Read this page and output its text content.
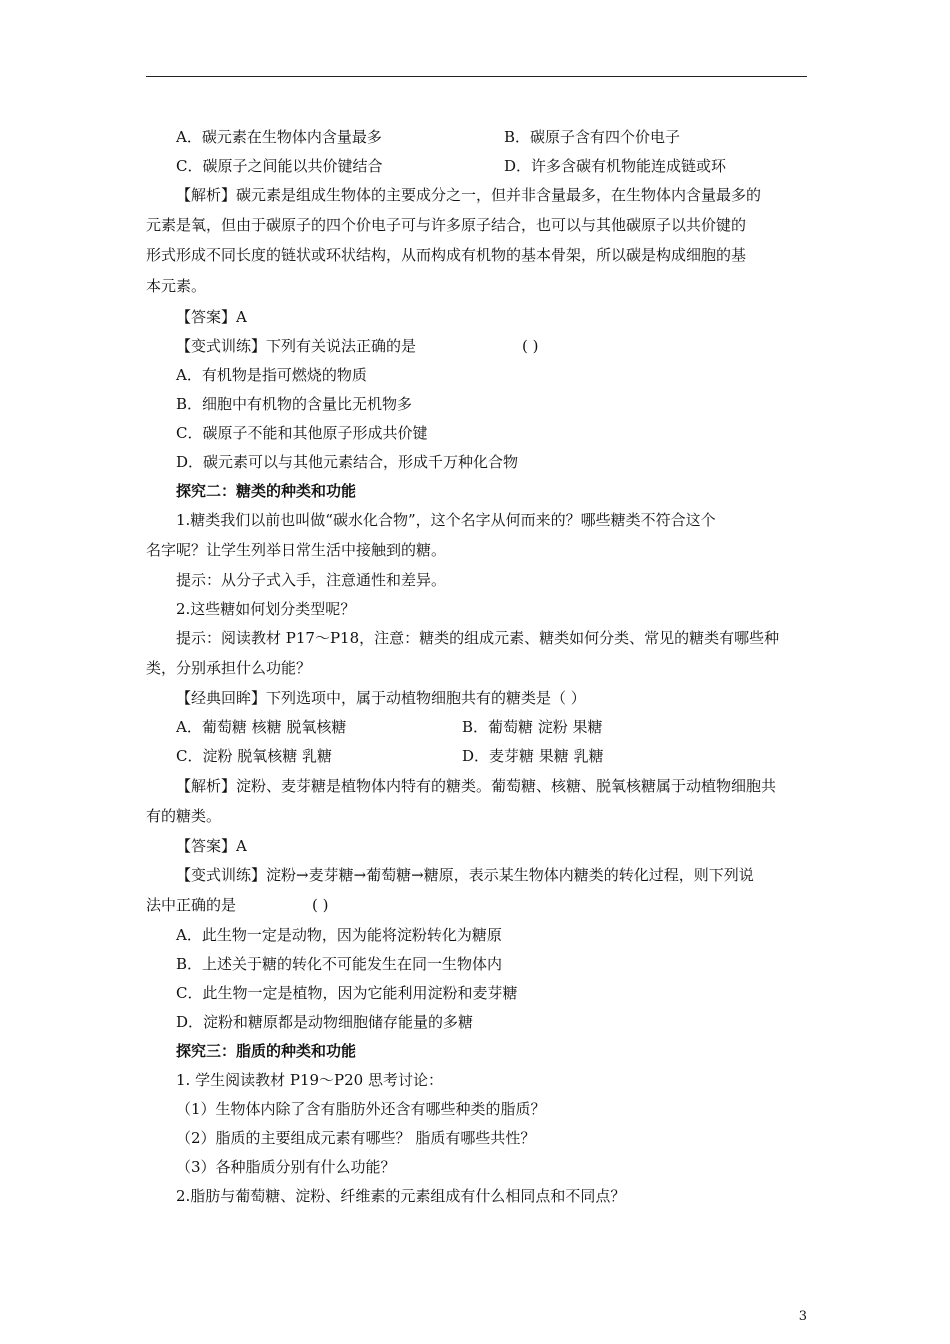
A．碳元素在生物体内含量最多	B．碳原子含有四个价电子
C．碳原子之间能以共价键结合	D．许多含碳有机物能连成链或环
【解析】碳元素是组成生物体的主要成分之一，但并非含量最多，在生物体内含量最多的
元素是氧，但由于碳原子的四个价电子可与许多原子结合，也可以与其他碳原子以共价键的
形式形成不同长度的链状或环状结构，从而构成有机物的基本骨架，所以碳是构成细胞的基
本元素。
【答案】A
【变式训练】下列有关说法正确的是	( )
A．有机物是指可燃烧的物质
B．细胞中有机物的含量比无机物多
C．碳原子不能和其他原子形成共价键
D．碳元素可以与其他元素结合，形成千万种化合物
探究二：糖类的种类和功能
1.糖类我们以前也叫做“碳水化合物”，这个名字从何而来的？哪些糖类不符合这个
名字呢？让学生列举日常生活中接触到的糖。
提示：从分子式入手，注意通性和差异。
2.这些糖如何划分类型呢？
提示：阅读教材 P17～P18，注意：糖类的组成元素、糖类如何分类、常见的糖类有哪些种
类，分别承担什么功能？
【经典回眸】下列选项中，属于动植物细胞共有的糖类是（ ）
A．葡萄糖 核糖 脱氧核糖	B．葡萄糖 淀粉 果糖
C．淀粉 脱氧核糖 乳糖	D．麦芽糖 果糖 乳糖
【解析】淀粉、麦芽糖是植物体内特有的糖类。葡萄糖、核糖、脱氧核糖属于动植物细胞共
有的糖类。
【答案】A
【变式训练】淀粉→麦芽糖→葡萄糖→糖原，表示某生物体内糖类的转化过程，则下列说
法中正确的是	( )
A．此生物一定是动物，因为能将淀粉转化为糖原
B．上述关于糖的转化不可能发生在同一生物体内
C．此生物一定是植物，因为它能利用淀粉和麦芽糖
D．淀粉和糖原都是动物细胞储存能量的多糖
探究三：脂质的种类和功能
1. 学生阅读教材 P19～P20 思考讨论：
（1）生物体内除了含有脂肪外还含有哪些种类的脂质？
（2）脂质的主要组成元素有哪些？ 脂质有哪些共性？
（3）各种脂质分别有什么功能？
2.脂肪与葡萄糖、淀粉、纤维素的元素组成有什么相同点和不同点？
3
